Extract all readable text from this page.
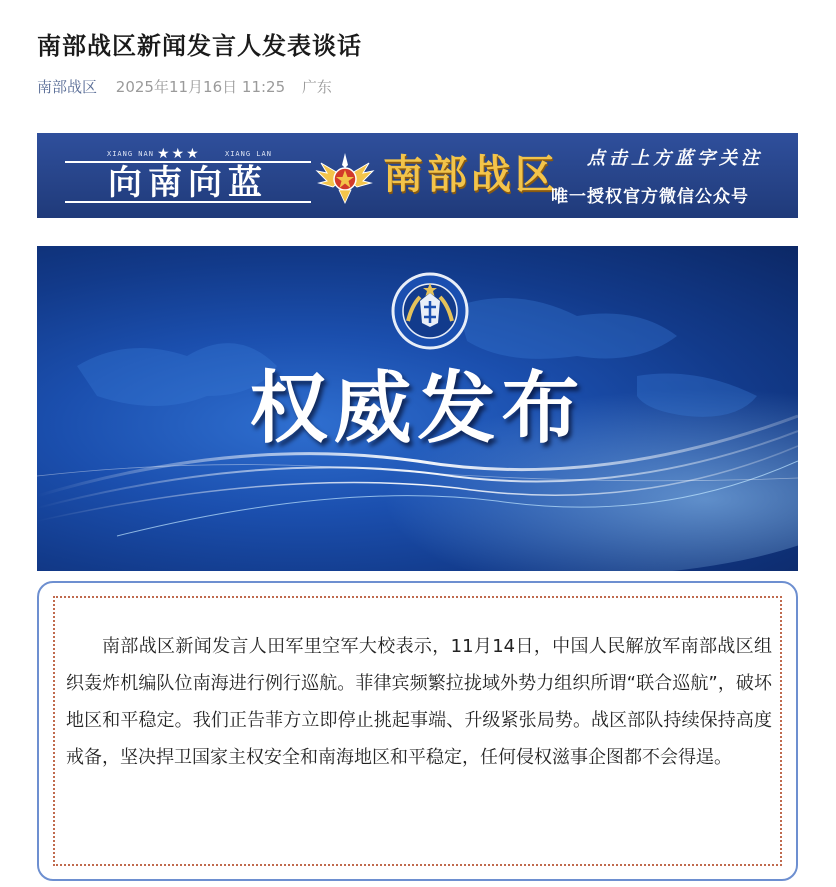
南部战区新闻发言人发表谈话
南部战区 2025年11月16日 11:25 广东
XIANG NAN	XIANG LAN
★★★
向南向蓝	南部战区 点击上方蓝字关注
唯一授权官方微信公众号
权威发布

南部战区新闻发言人田军里空军大校表示，11月14日，中国人民解放军南部战区组织轰炸机编队位南海进行例行巡航。菲律宾频繁拉拢域外势力组织所谓“联合巡航”，破坏地区和平稳定。我们正告菲方立即停止挑起事端、升级紧张局势。战区部队持续保持高度戒备，坚决捍卫国家主权安全和南海地区和平稳定，任何侵权滋事企图都不会得逞。
